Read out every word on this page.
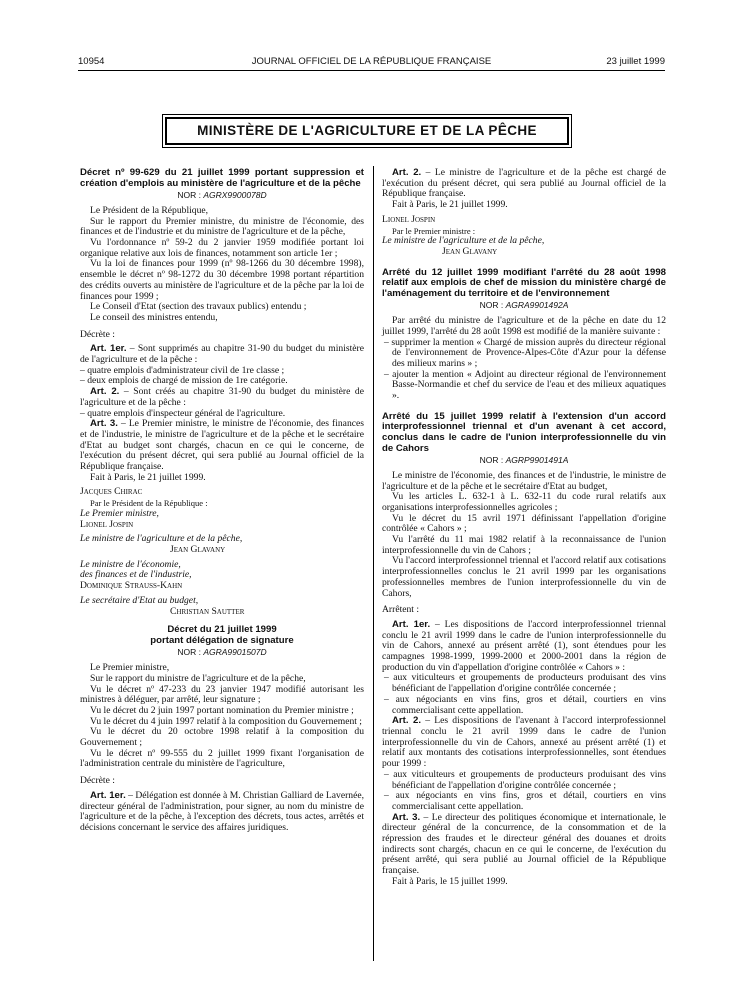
10954	JOURNAL OFFICIEL DE LA RÉPUBLIQUE FRANÇAISE	23 juillet 1999
MINISTÈRE DE L'AGRICULTURE ET DE LA PÊCHE
Décret nº 99-629 du 21 juillet 1999 portant suppression et création d'emplois au ministère de l'agriculture et de la pêche
NOR : AGRX9900078D

Le Président de la République,

Sur le rapport du Premier ministre, du ministre de l'économie, des finances et de l'industrie et du ministre de l'agriculture et de la pêche,

Vu l'ordonnance nº 59-2 du 2 janvier 1959 modifiée portant loi organique relative aux lois de finances, notamment son article 1er ;

Vu la loi de finances pour 1999 (nº 98-1266 du 30 décembre 1998), ensemble le décret nº 98-1272 du 30 décembre 1998 portant répartition des crédits ouverts au ministère de l'agriculture et de la pêche par la loi de finances pour 1999 ;

Le Conseil d'Etat (section des travaux publics) entendu ;

Le conseil des ministres entendu,

Décrète :

Art. 1er. – Sont supprimés au chapitre 31-90 du budget du ministère de l'agriculture et de la pêche :

– quatre emplois d'administrateur civil de 1re classe ;

– deux emplois de chargé de mission de 1re catégorie.

Art. 2. – Sont créés au chapitre 31-90 du budget du ministère de l'agriculture et de la pêche :

– quatre emplois d'inspecteur général de l'agriculture.

Art. 3. – Le Premier ministre, le ministre de l'économie, des finances et de l'industrie, le ministre de l'agriculture et de la pêche et le secrétaire d'Etat au budget sont chargés, chacun en ce qui le concerne, de l'exécution du présent décret, qui sera publié au Journal officiel de la République française.

Fait à Paris, le 21 juillet 1999.

Jacques Chirac

Par le Président de la République :

Le Premier ministre,

Lionel Jospin

Le ministre de l'agriculture et de la pêche,

Jean Glavany

Le ministre de l'économie,

des finances et de l'industrie,

Dominique Strauss-Kahn

Le secrétaire d'Etat au budget,

Christian Sautter

Décret du 21 juillet 1999
portant délégation de signature
NOR : AGRA9901507D

Le Premier ministre,

Sur le rapport du ministre de l'agriculture et de la pêche,

Vu le décret nº 47-233 du 23 janvier 1947 modifié autorisant les ministres à déléguer, par arrêté, leur signature ;

Vu le décret du 2 juin 1997 portant nomination du Premier ministre ;

Vu le décret du 4 juin 1997 relatif à la composition du Gouvernement ;

Vu le décret du 20 octobre 1998 relatif à la composition du Gouvernement ;

Vu le décret nº 99-555 du 2 juillet 1999 fixant l'organisation de l'administration centrale du ministère de l'agriculture,

Décrète :

Art. 1er. – Délégation est donnée à M. Christian Galliard de Lavernée, directeur général de l'administration, pour signer, au nom du ministre de l'agriculture et de la pêche, à l'exception des décrets, tous actes, arrêtés et décisions concernant le service des affaires juridiques.

Art. 2. – Le ministre de l'agriculture et de la pêche est chargé de l'exécution du présent décret, qui sera publié au Journal officiel de la République française.

Fait à Paris, le 21 juillet 1999.

Lionel Jospin

Par le Premier ministre :

Le ministre de l'agriculture et de la pêche,

Jean Glavany

Arrêté du 12 juillet 1999 modifiant l'arrêté du 28 août 1998 relatif aux emplois de chef de mission du ministère chargé de l'aménagement du territoire et de l'environnement
NOR : AGRA9901492A

Par arrêté du ministre de l'agriculture et de la pêche en date du 12 juillet 1999, l'arrêté du 28 août 1998 est modifié de la manière suivante :

– supprimer la mention « Chargé de mission auprès du directeur régional de l'environnement de Provence-Alpes-Côte d'Azur pour la défense des milieux marins » ;

– ajouter la mention « Adjoint au directeur régional de l'environnement Basse-Normandie et chef du service de l'eau et des milieux aquatiques ».

Arrêté du 15 juillet 1999 relatif à l'extension d'un accord interprofessionnel triennal et d'un avenant à cet accord, conclus dans le cadre de l'union interprofessionnelle du vin de Cahors
NOR : AGRP9901491A

Le ministre de l'économie, des finances et de l'industrie, le ministre de l'agriculture et de la pêche et le secrétaire d'Etat au budget,

Vu les articles L. 632-1 à L. 632-11 du code rural relatifs aux organisations interprofessionnelles agricoles ;

Vu le décret du 15 avril 1971 définissant l'appellation d'origine contrôlée « Cahors » ;

Vu l'arrêté du 11 mai 1982 relatif à la reconnaissance de l'union interprofessionnelle du vin de Cahors ;

Vu l'accord interprofessionnel triennal et l'accord relatif aux cotisations interprofessionnelles conclus le 21 avril 1999 par les organisations professionnelles membres de l'union interprofessionnelle du vin de Cahors,

Arrêtent :

Art. 1er. – Les dispositions de l'accord interprofessionnel triennal conclu le 21 avril 1999 dans le cadre de l'union interprofessionnelle du vin de Cahors, annexé au présent arrêté (1), sont étendues pour les campagnes 1998-1999, 1999-2000 et 2000-2001 dans la région de production du vin d'appellation d'origine contrôlée « Cahors » :

– aux viticulteurs et groupements de producteurs produisant des vins bénéficiant de l'appellation d'origine contrôlée concernée ;

– aux négociants en vins fins, gros et détail, courtiers en vins commercialisant cette appellation.

Art. 2. – Les dispositions de l'avenant à l'accord interprofessionnel triennal conclu le 21 avril 1999 dans le cadre de l'union interprofessionnelle du vin de Cahors, annexé au présent arrêté (1) et relatif aux montants des cotisations interprofessionnelles, sont étendues pour 1999 :

– aux viticulteurs et groupements de producteurs produisant des vins bénéficiant de l'appellation d'origine contrôlée concernée ;

– aux négociants en vins fins, gros et détail, courtiers en vins commercialisant cette appellation.

Art. 3. – Le directeur des politiques économique et internationale, le directeur général de la concurrence, de la consommation et de la répression des fraudes et le directeur général des douanes et droits indirects sont chargés, chacun en ce qui le concerne, de l'exécution du présent arrêté, qui sera publié au Journal officiel de la République française.

Fait à Paris, le 15 juillet 1999.
